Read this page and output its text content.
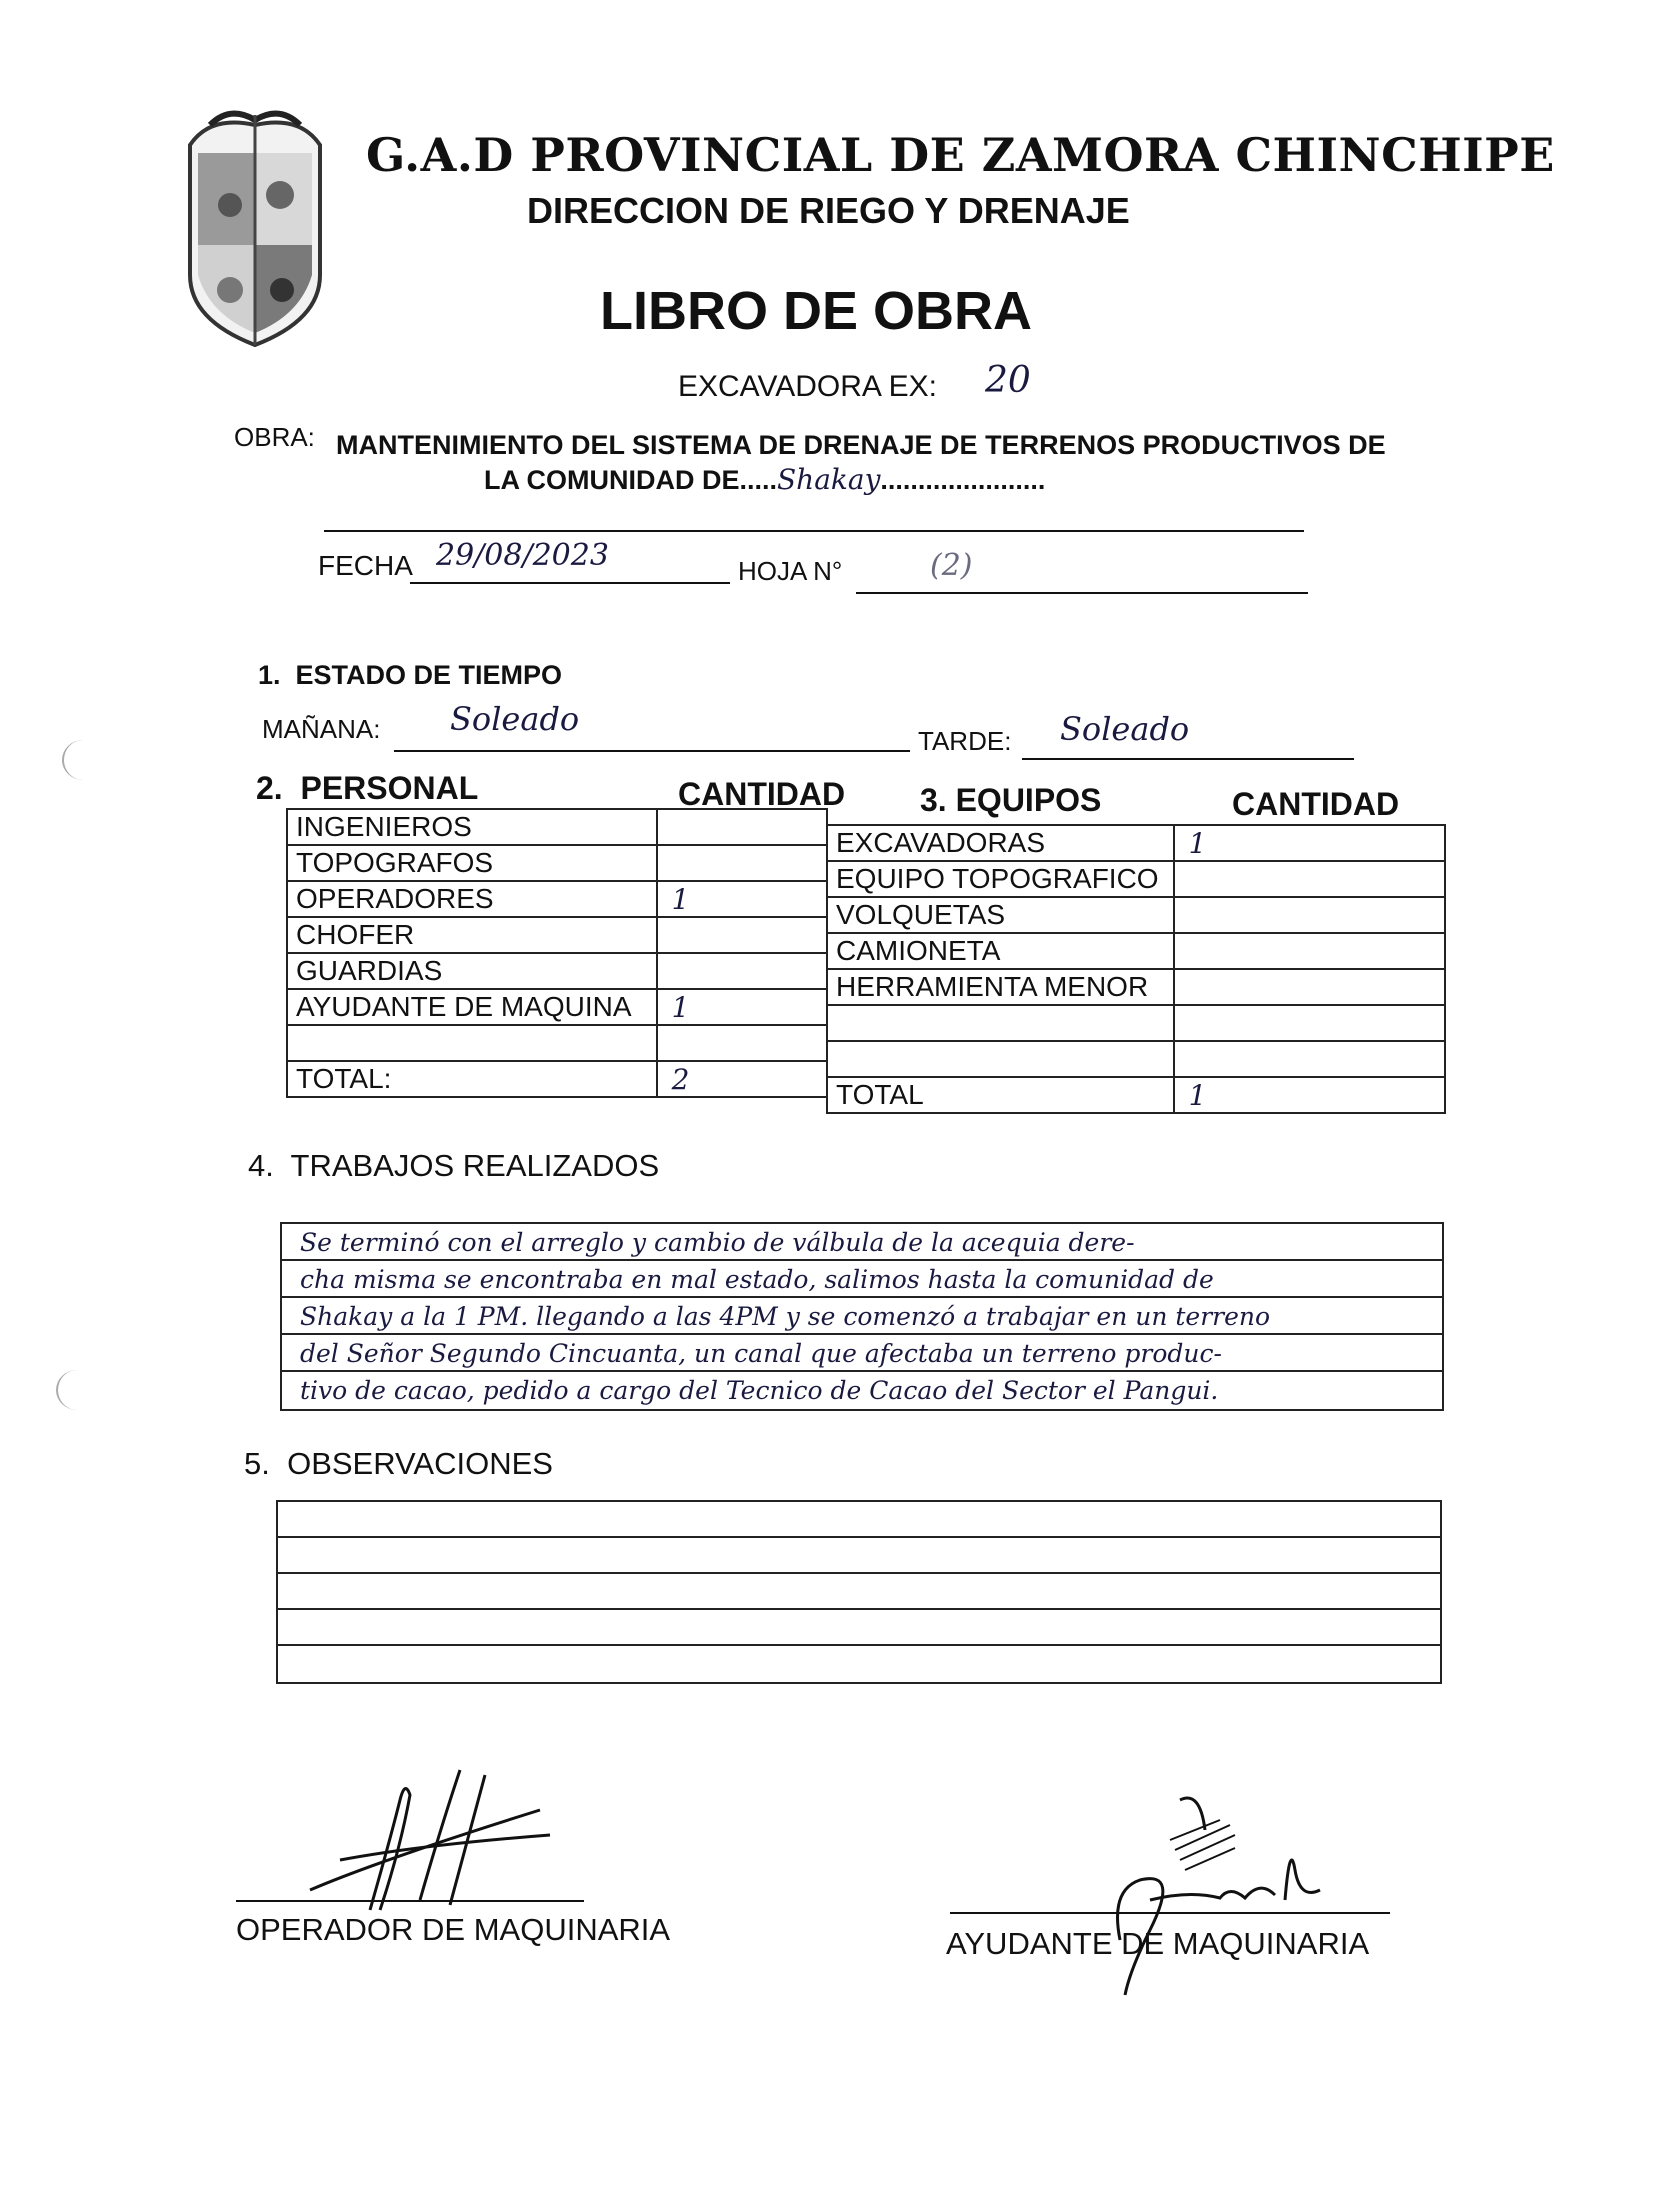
G.A.D PROVINCIAL DE ZAMORA CHINCHIPE
DIRECCION DE RIEGO Y DRENAJE
LIBRO DE OBRA
EXCAVADORA EX: 20
OBRA: MANTENIMIENTO DEL SISTEMA DE DRENAJE DE TERRENOS PRODUCTIVOS DE
LA COMUNIDAD DE.....Shakay......................
FECHA 29/08/2023	HOJA N°	(2)
1.  ESTADO DE TIEMPO
MAÑANA: Soleado
TARDE: Soleado
2.  PERSONAL	CANTIDAD 3. EQUIPOS	CANTIDAD
INGENIEROS	
TOPOGRAFOS	
OPERADORES	1
CHOFER	
GUARDIAS	
AYUDANTE DE MAQUINA	1

TOTAL:	2
EXCAVADORAS	1
EQUIPO TOPOGRAFICO	
VOLQUETAS	
CAMIONETA	
HERRAMIENTA MENOR	

TOTAL	1
4.  TRABAJOS REALIZADOS
Se terminó con el arreglo y cambio de válbula de la acequia dere-
cha misma se encontraba en mal estado, salimos hasta la comunidad de
Shakay a la 1 PM. llegando a las 4PM y se comenzó a trabajar en un terreno
del Señor Segundo Cincuanta, un canal que afectaba un terreno produc-
tivo de cacao, pedido a cargo del Tecnico de Cacao del Sector el Pangui.
5.  OBSERVACIONES
OPERADOR DE MAQUINARIA	AYUDANTE DE MAQUINARIA
